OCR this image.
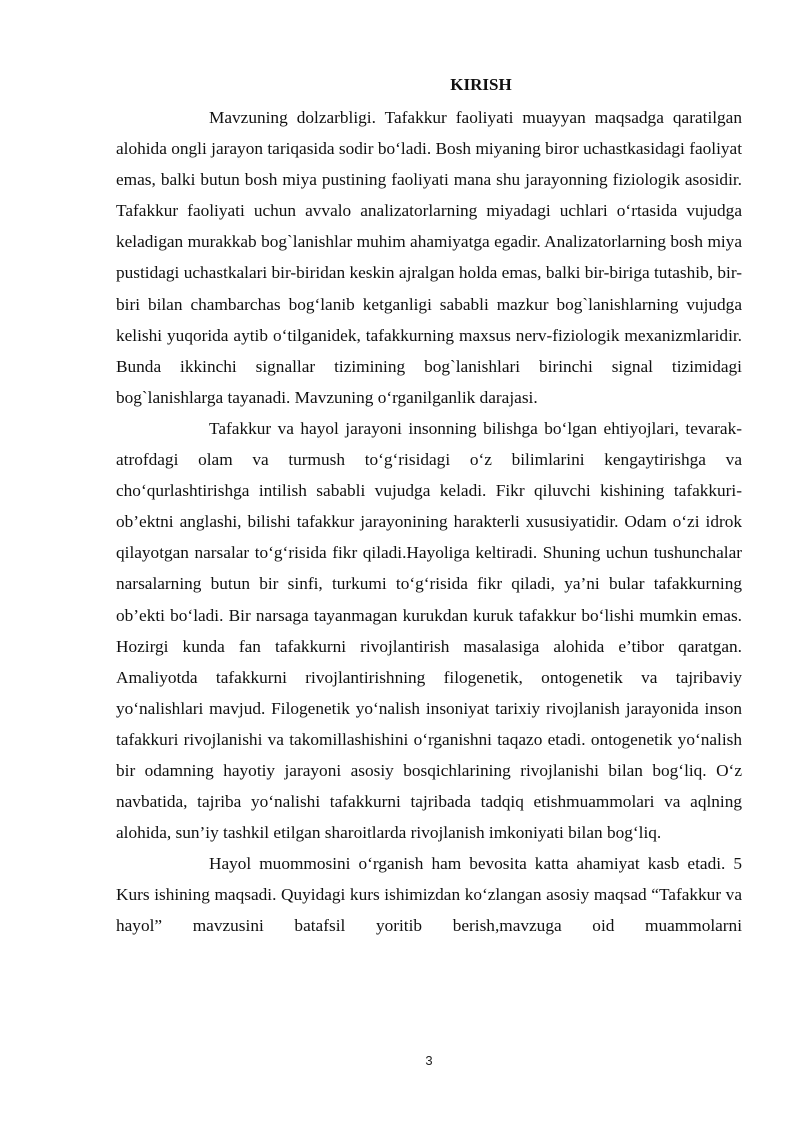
KIRISH

Mavzuning dolzarbligi. Tafakkur faoliyati muayyan maqsadga qaratilgan alohida ongli jarayon tariqasida sodir bo‘ladi. Bosh miyaning biror uchastkasidagi faoliyat emas, balki butun bosh miya pustining faoliyati mana shu jarayonning fiziologik asosidir. Tafakkur faoliyati uchun avvalo analizatorlarning miyadagi uchlari o‘rtasida vujudga keladigan murakkab bog`lanishlar muhim ahamiyatga egadir. Analizatorlarning bosh miya pustidagi uchastkalari bir-biridan keskin ajralgan holda emas, balki bir-biriga tutashib, bir-biri bilan chambarchas bog‘lanib ketganligi sababli mazkur bog`lanishlarning vujudga kelishi yuqorida aytib o‘tilganidek, tafakkurning maxsus nerv-fiziologik mexanizmlaridir. Bunda ikkinchi signallar tizimining bog`lanishlari birinchi signal tizimidagi bog`lanishlarga tayanadi. Mavzuning o‘rganilganlik darajasi.

Tafakkur va hayol jarayoni insonning bilishga bo‘lgan ehtiyojlari, tevarak- atrofdagi olam va turmush to‘g‘risidagi o‘z bilimlarini kengaytirishga va cho‘qurlashtirishga intilish sababli vujudga keladi. Fikr qiluvchi kishining tafakkuri-ob’ektni anglashi, bilishi tafakkur jarayonining harakterli xususiyatidir. Odam o‘zi idrok qilayotgan narsalar to‘g‘risida fikr qiladi.Hayoliga keltiradi. Shuning uchun tushunchalar narsalarning butun bir sinfi, turkumi to‘g‘risida fikr qiladi, ya’ni bular tafakkurning ob’ekti bo‘ladi. Bir narsaga tayanmagan kurukdan kuruk tafakkur bo‘lishi mumkin emas. Hozirgi kunda fan tafakkurni rivojlantirish masalasiga alohida e’tibor qaratgan. Amaliyotda tafakkurni rivojlantirishning filogenetik, ontogenetik va tajribaviy yo‘nalishlari mavjud. Filogenetik yo‘nalish insoniyat tarixiy rivojlanish jarayonida inson tafakkuri rivojlanishi va takomillashishini o‘rganishni taqazo etadi. ontogenetik yo‘nalish bir odamning hayotiy jarayoni asosiy bosqichlarining rivojlanishi bilan bog‘liq. O‘z navbatida, tajriba yo‘nalishi tafakkurni tajribada tadqiq etishmuammolari va aqlning alohida, sun’iy tashkil etilgan sharoitlarda rivojlanish imkoniyati bilan bog‘liq.

Hayol muommosini o‘rganish ham bevosita katta ahamiyat kasb etadi. 5 Kurs ishining maqsadi. Quyidagi kurs ishimizdan ko‘zlangan asosiy maqsad “Tafakkur va hayol” mavzusini batafsil yoritib berish,mavzuga oid muammolarni

3
